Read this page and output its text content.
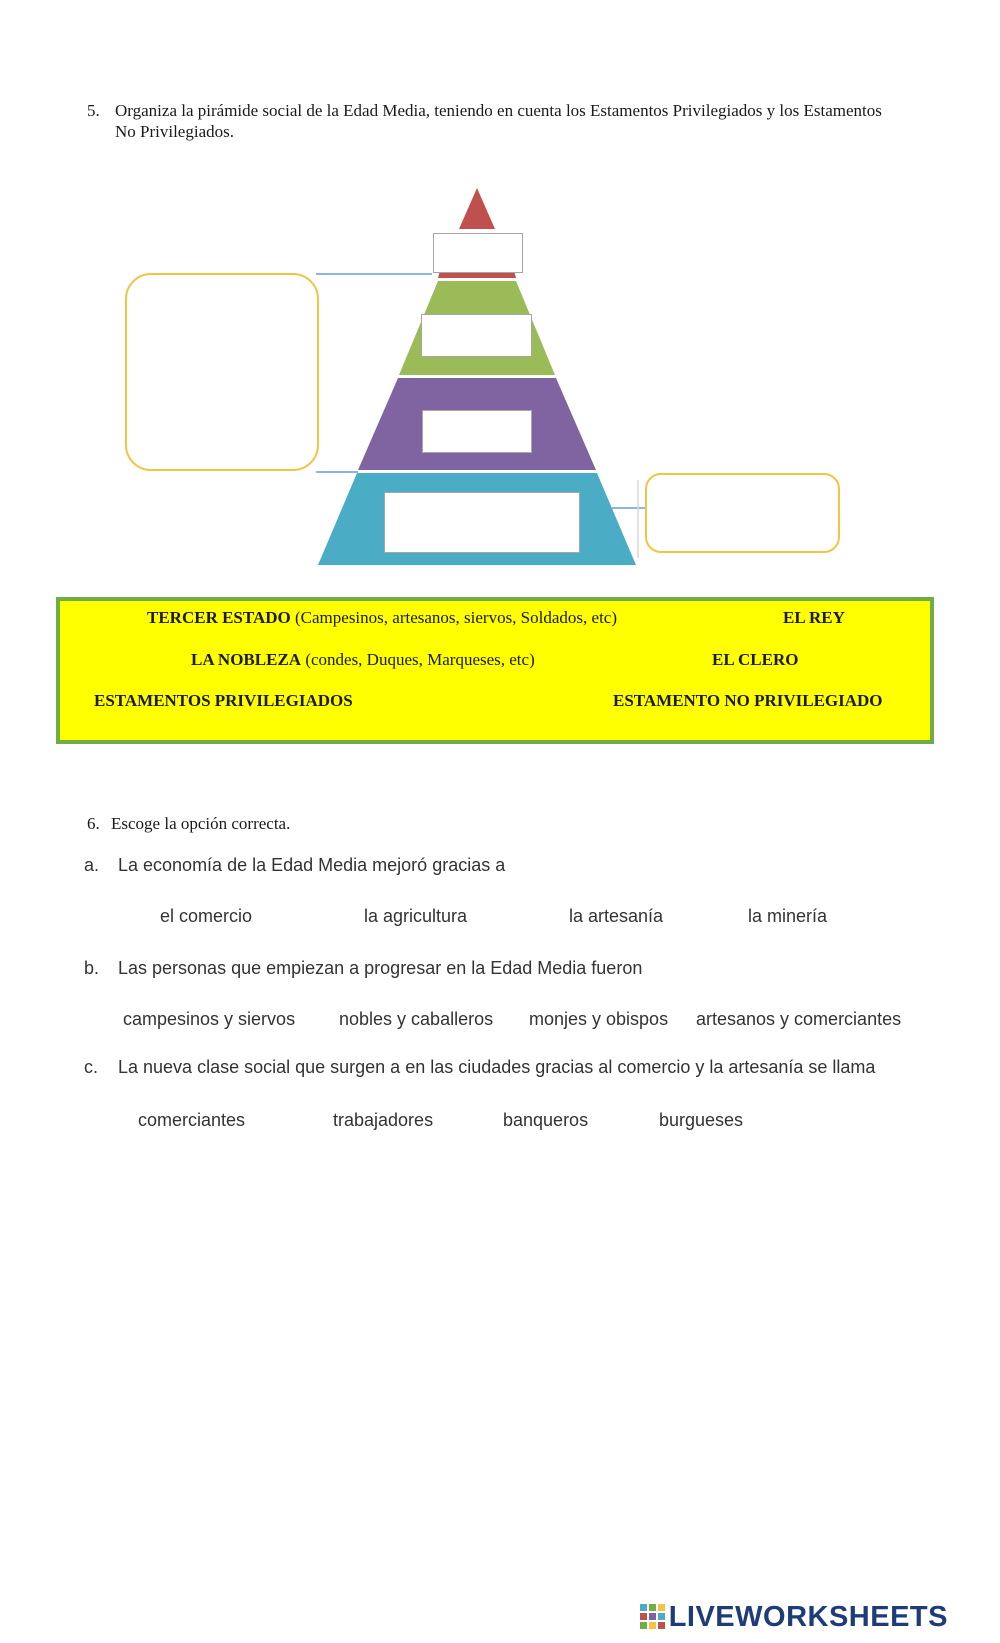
5. Organiza la pirámide social de la Edad Media, teniendo en cuenta los Estamentos Privilegiados y los Estamentos
No Privilegiados.
TERCER ESTADO (Campesinos, artesanos, siervos, Soldados, etc)	EL REY
LA NOBLEZA (condes, Duques, Marqueses, etc)	EL CLERO
ESTAMENTOS PRIVILEGIADOS	ESTAMENTO NO PRIVILEGIADO
6. Escoge la opción correcta.
a. La economía de la Edad Media mejoró gracias a
el comercio	la agricultura	la artesanía	la minería
b. Las personas que empiezan a progresar en la Edad Media fueron
campesinos y siervos nobles y caballeros monjes y obispos artesanos y comerciantes
c. La nueva clase social que surgen a en las ciudades gracias al comercio y la artesanía se llama
comerciantes	trabajadores	banqueros	burgueses
LIVEWORKSHEETS
